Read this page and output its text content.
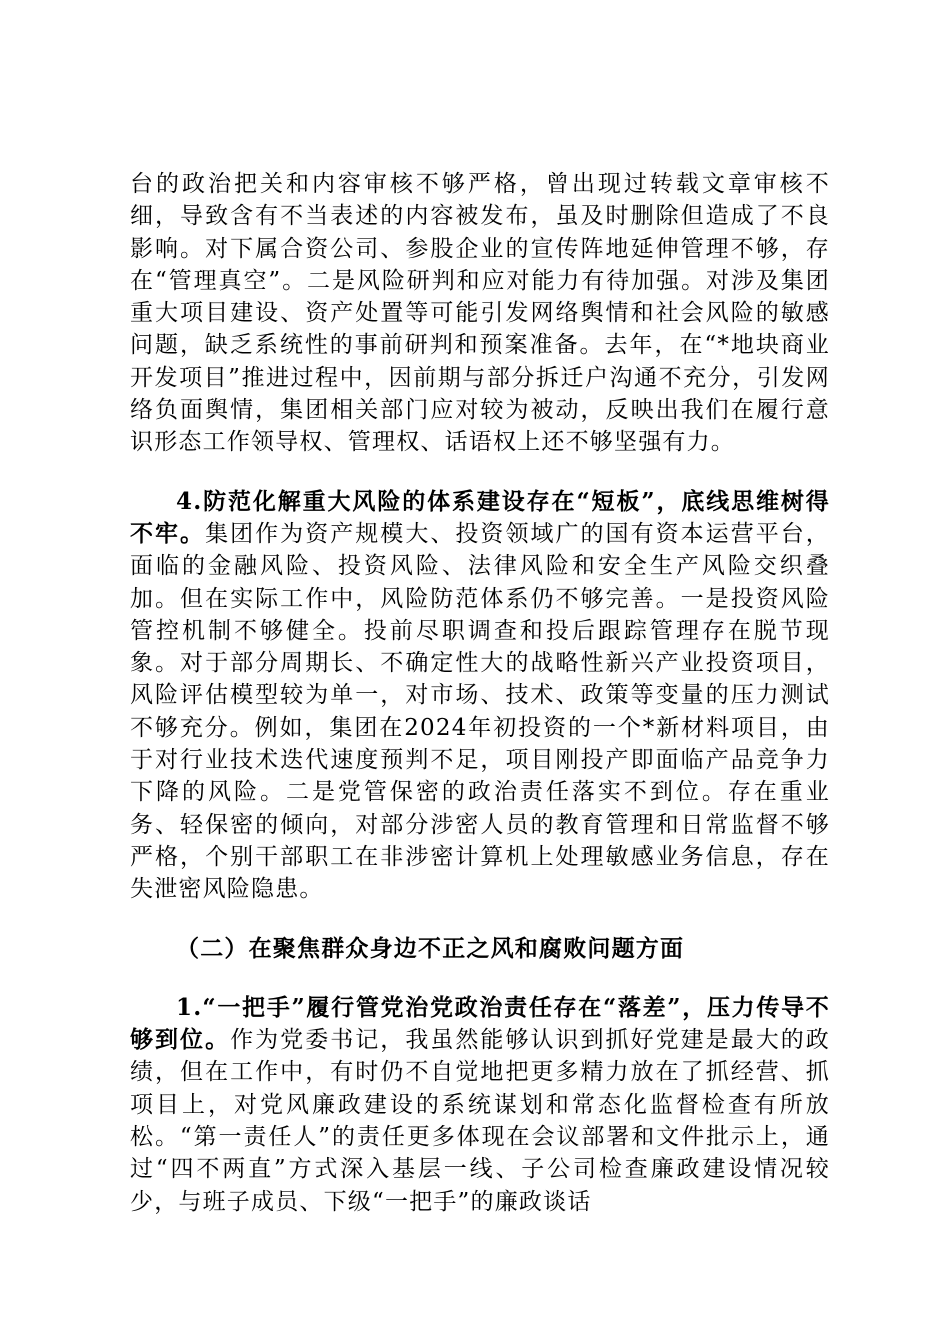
台的政治把关和内容审核不够严格，曾出现过转载文章审核不细，导致含有不当表述的内容被发布，虽及时删除但造成了不良影响。对下属合资公司、参股企业的宣传阵地延伸管理不够，存在“管理真空”。二是风险研判和应对能力有待加强。对涉及集团重大项目建设、资产处置等可能引发网络舆情和社会风险的敏感问题，缺乏系统性的事前研判和预案准备。去年，在“*地块商业开发项目”推进过程中，因前期与部分拆迁户沟通不充分，引发网络负面舆情，集团相关部门应对较为被动，反映出我们在履行意识形态工作领导权、管理权、话语权上还不够坚强有力。

4.防范化解重大风险的体系建设存在“短板”，底线思维树得不牢。集团作为资产规模大、投资领域广的国有资本运营平台，面临的金融风险、投资风险、法律风险和安全生产风险交织叠加。但在实际工作中，风险防范体系仍不够完善。一是投资风险管控机制不够健全。投前尽职调查和投后跟踪管理存在脱节现象。对于部分周期长、不确定性大的战略性新兴产业投资项目，风险评估模型较为单一，对市场、技术、政策等变量的压力测试不够充分。例如，集团在2024年初投资的一个*新材料项目，由于对行业技术迭代速度预判不足，项目刚投产即面临产品竞争力下降的风险。二是党管保密的政治责任落实不到位。存在重业务、轻保密的倾向，对部分涉密人员的教育管理和日常监督不够严格，个别干部职工在非涉密计算机上处理敏感业务信息，存在失泄密风险隐患。

（二）在聚焦群众身边不正之风和腐败问题方面

1.“一把手”履行管党治党政治责任存在“落差”，压力传导不够到位。作为党委书记，我虽然能够认识到抓好党建是最大的政绩，但在工作中，有时仍不自觉地把更多精力放在了抓经营、抓项目上，对党风廉政建设的系统谋划和常态化监督检查有所放松。“第一责任人”的责任更多体现在会议部署和文件批示上，通过“四不两直”方式深入基层一线、子公司检查廉政建设情况较少，与班子成员、下级“一把手”的廉政谈话
